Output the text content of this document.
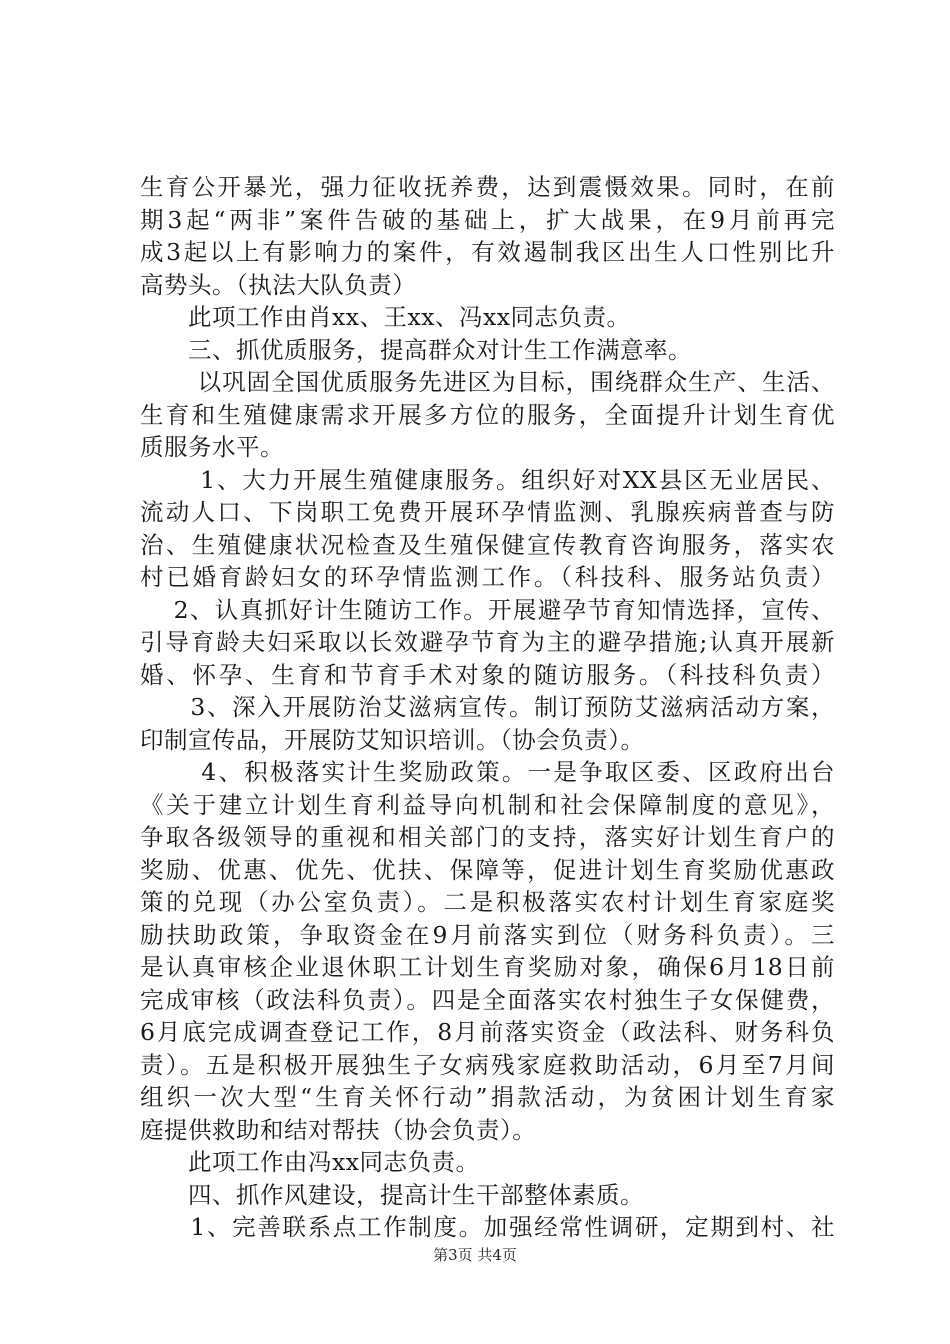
生育公开暴光，强力征收抚养费，达到震慑效果。同时，在前
期3起“两非”案件告破的基础上，扩大战果，在9月前再完
成3起以上有影响力的案件，有效遏制我区出生人口性别比升
高势头。（执法大队负责）
　　此项工作由肖xx、王xx、冯xx同志负责。
　　三、抓优质服务，提高群众对计生工作满意率。
　　 以巩固全国优质服务先进区为目标，围绕群众生产、生活、
生育和生殖健康需求开展多方位的服务，全面提升计划生育优
质服务水平。
　　 1、大力开展生殖健康服务。组织好对XX县区无业居民、
流动人口、下岗职工免费开展环孕情监测、乳腺疾病普查与防
治、生殖健康状况检查及生殖保健宣传教育咨询服务，落实农
村已婚育龄妇女的环孕情监测工作。（科技科、服务站负责）
　 2、认真抓好计生随访工作。开展避孕节育知情选择，宣传、
引导育龄夫妇采取以长效避孕节育为主的避孕措施;认真开展新
婚、怀孕、生育和节育手术对象的随访服务。（科技科负责）
　　3、深入开展防治艾滋病宣传。制订预防艾滋病活动方案，
印制宣传品，开展防艾知识培训。（协会负责）。
　　 4、积极落实计生奖励政策。一是争取区委、区政府出台
《关于建立计划生育利益导向机制和社会保障制度的意见》，
争取各级领导的重视和相关部门的支持，落实好计划生育户的
奖励、优惠、优先、优扶、保障等，促进计划生育奖励优惠政
策的兑现（办公室负责）。二是积极落实农村计划生育家庭奖
励扶助政策，争取资金在9月前落实到位（财务科负责）。三
是认真审核企业退休职工计划生育奖励对象，确保6月18日前
完成审核（政法科负责）。四是全面落实农村独生子女保健费，
6月底完成调查登记工作，8月前落实资金（政法科、财务科负
责）。五是积极开展独生子女病残家庭救助活动，6月至7月间
组织一次大型“生育关怀行动”捐款活动，为贫困计划生育家
庭提供救助和结对帮扶（协会负责）。
　　此项工作由冯xx同志负责。
　　四、抓作风建设，提高计生干部整体素质。
　　1、完善联系点工作制度。加强经常性调研，定期到村、社
第3页 共4页
